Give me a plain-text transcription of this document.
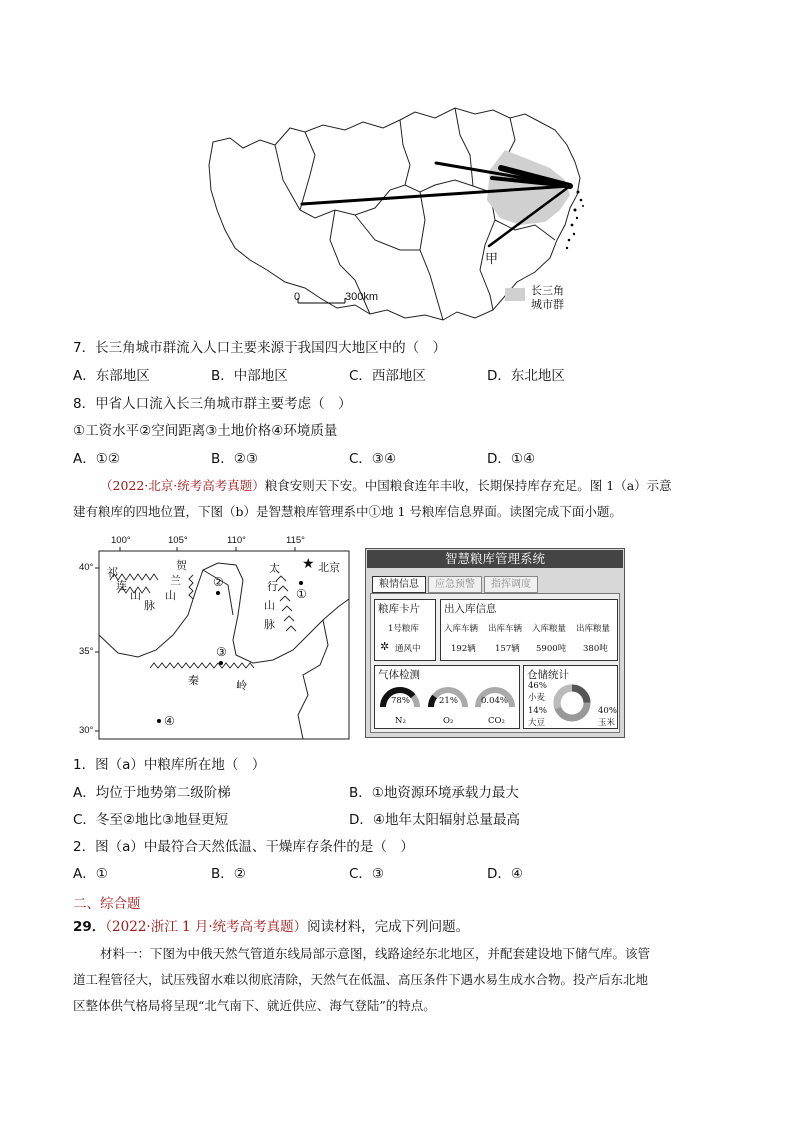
甲
0	300km	长三角
城市群
7．长三角城市群流入人口主要来源于我国四大地区中的（　）
A．东部地区	B．中部地区	C．西部地区	D．东北地区
8．甲省人口流入长三角城市群主要考虑（　）
①工资水平②空间距离③土地价格④环境质量
A．①②	B．②③	C．③④	D．①④
（2022·北京·统考高考真题）粮食安则天下安。中国粮食连年丰收，长期保持库存充足。图 1（a）示意
建有粮库的四地位置，下图（b）是智慧粮库管理系中①地 1 号粮库信息界面。读图完成下面小题。
100°	105°	110°	115°
40°
35°
30°
★ 北京
祁
连
山
脉
贺
兰
山
太
行
山
脉
秦	岭
①
②
③
④
智慧粮库管理系统
粮情信息	应急预警	指挥调度
粮库卡片
1号粮库
✲ 通风中
出入库信息
入库车辆 出库车辆 入库粮量 出库粮量
192辆 157辆 5900吨 380吨
气体检测
78%
N₂
21%
O₂
0.04%
CO₂
仓储统计
46%
小麦
14%
大豆
40%
玉米
1．图（a）中粮库所在地（　）
A．均位于地势第二级阶梯	B．①地资源环境承载力最大
C．冬至②地比③地昼更短	D．④地年太阳辐射总量最高
2．图（a）中最符合天然低温、干燥库存条件的是（　）
A．①	B．②	C．③	D．④
二、综合题
29．（2022·浙江 1 月·统考高考真题）阅读材料，完成下列问题。
材料一：下图为中俄天然气管道东线局部示意图，线路途经东北地区，并配套建设地下储气库。该管
道工程管径大，试压残留水难以彻底清除，天然气在低温、高压条件下遇水易生成水合物。投产后东北地
区整体供气格局将呈现“北气南下、就近供应、海气登陆”的特点。
